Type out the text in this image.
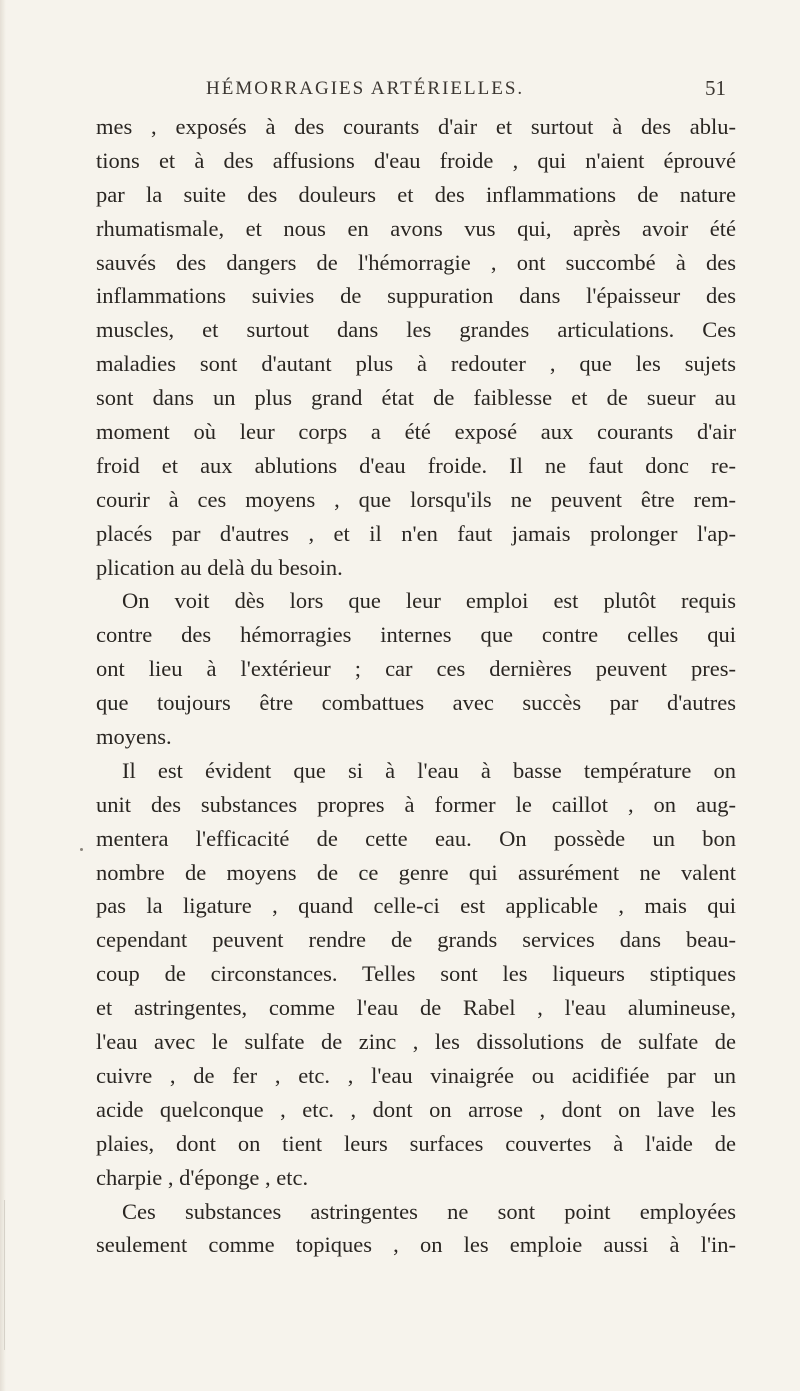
HÉMORRAGIES ARTÉRIELLES.	51
mes , exposés à des courants d'air et surtout à des ablu-
tions et à des affusions d'eau froide , qui n'aient éprouvé
par la suite des douleurs et des inflammations de nature
rhumatismale, et nous en avons vus qui, après avoir été
sauvés des dangers de l'hémorragie , ont succombé à des
inflammations suivies de suppuration dans l'épaisseur des
muscles, et surtout dans les grandes articulations. Ces
maladies sont d'autant plus à redouter , que les sujets
sont dans un plus grand état de faiblesse et de sueur au
moment où leur corps a été exposé aux courants d'air
froid et aux ablutions d'eau froide. Il ne faut donc re-
courir à ces moyens , que lorsqu'ils ne peuvent être rem-
placés par d'autres , et il n'en faut jamais prolonger l'ap-
plication au delà du besoin.
On voit dès lors que leur emploi est plutôt requis
contre des hémorragies internes que contre celles qui
ont lieu à l'extérieur ; car ces dernières peuvent pres-
que toujours être combattues avec succès par d'autres
moyens.
Il est évident que si à l'eau à basse température on
unit des substances propres à former le caillot , on aug-
mentera l'efficacité de cette eau. On possède un bon
nombre de moyens de ce genre qui assurément ne valent
pas la ligature , quand celle-ci est applicable , mais qui
cependant peuvent rendre de grands services dans beau-
coup de circonstances. Telles sont les liqueurs stiptiques
et astringentes, comme l'eau de Rabel , l'eau alumineuse,
l'eau avec le sulfate de zinc , les dissolutions de sulfate de
cuivre , de fer , etc. , l'eau vinaigrée ou acidifiée par un
acide quelconque , etc. , dont on arrose , dont on lave les
plaies, dont on tient leurs surfaces couvertes à l'aide de
charpie , d'éponge , etc.
Ces substances astringentes ne sont point employées
seulement comme topiques , on les emploie aussi à l'in-
